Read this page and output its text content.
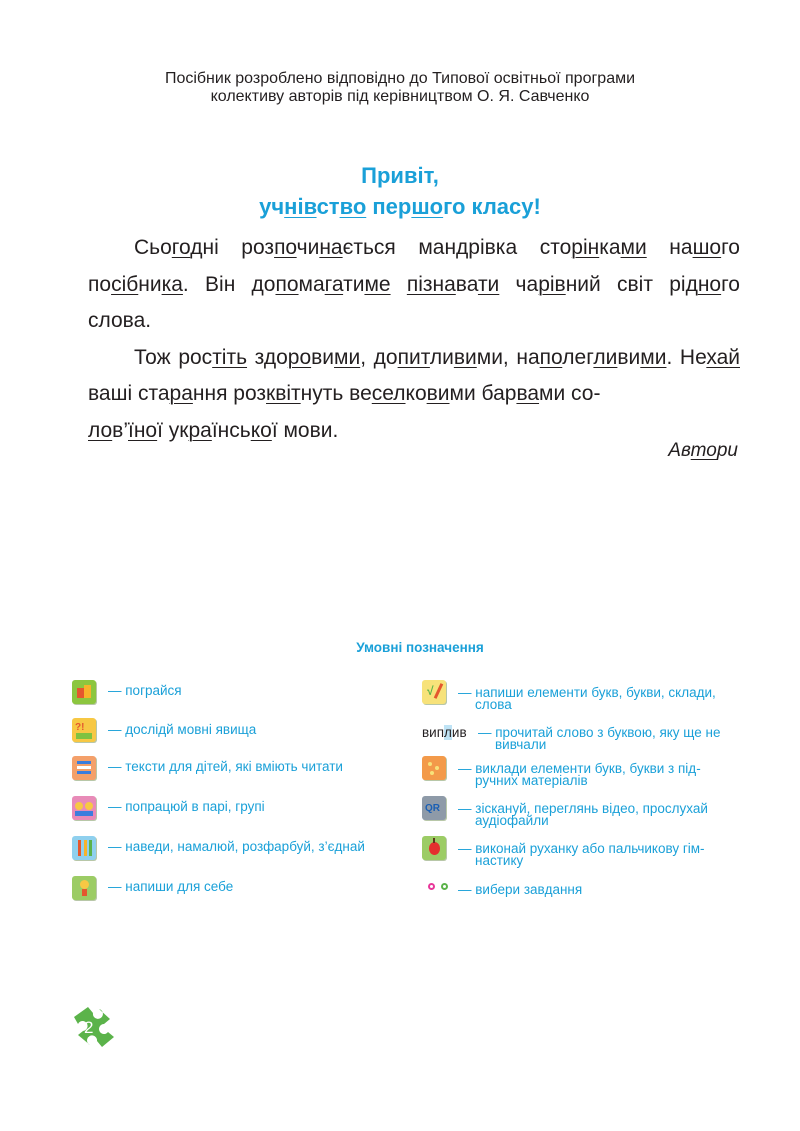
Посібник розроблено відповідно до Типової освітньої програми
колективу авторів під керівництвом О. Я. Савченко
Привіт,
учнівство першого класу!

Сьогодні розпочинається мандрівка сторінками нашого посібника. Він допомагатиме пізнавати чарівний світ рідного слова.

Тож ростіть здоровими, допитливими, наполегливими. Нехай ваші старання розквітнуть веселковими барвами со-
лов’їної української мови.

Автори
Умовні позначення
— пограйся
?! — дослідй мовні явища
— тексти для дітей, які вміють читати
— попрацюй в парі, групі
— наведи, намалюй, розфарбуй, з’єднай
— напиши для себе
√ — напиши елементи букв, букви, склади,
слова
виплив — прочитай слово з буквою, яку ще не
вивчали
— виклади елементи букв, букви з під-
ручних матеріалів
QR — зіскануй, переглянь відео, прослухай
аудіофайли
— виконай руханку або пальчикову гім-
настику
— вибери завдання
2
